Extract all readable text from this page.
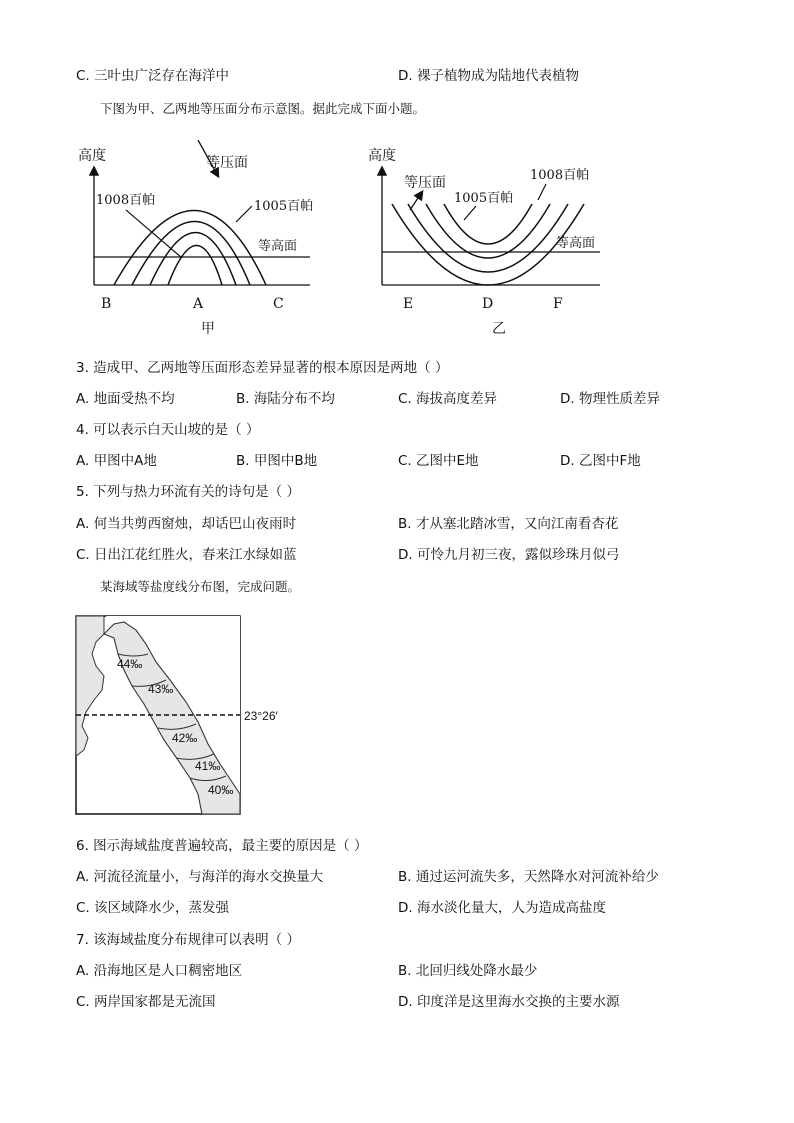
C. 三叶虫广泛存在海洋中	D. 裸子植物成为陆地代表植物
下图为甲、乙两地等压面分布示意图。据此完成下面小题。
高度	等压面
1008百帕	1005百帕
等高面
B	A	C
甲
高度
等压面
1005百帕
1008百帕
等高面
E	D	F
乙
3. 造成甲、乙两地等压面形态差异显著的根本原因是两地（ ）
A. 地面受热不均	B. 海陆分布不均	C. 海拔高度差异	D. 物理性质差异
4. 可以表示白天山坡的是（ ）
A. 甲图中A地	B. 甲图中B地	C. 乙图中E地	D. 乙图中F地
5. 下列与热力环流有关的诗句是（ ）
A. 何当共剪西窗烛，却话巴山夜雨时	B. 才从塞北踏冰雪，又向江南看杏花
C. 日出江花红胜火，春来江水绿如蓝	D. 可怜九月初三夜，露似珍珠月似弓
某海域等盐度线分布图，完成问题。
44‰
43‰
42‰
41‰
40‰
23°26′
6. 图示海域盐度普遍较高，最主要的原因是（ ）
A. 河流径流量小，与海洋的海水交换量大	B. 通过运河流失多，天然降水对河流补给少
C. 该区域降水少，蒸发强	D. 海水淡化量大，人为造成高盐度
7. 该海域盐度分布规律可以表明（ ）
A. 沿海地区是人口稠密地区	B. 北回归线处降水最少
C. 两岸国家都是无流国	D. 印度洋是这里海水交换的主要水源
